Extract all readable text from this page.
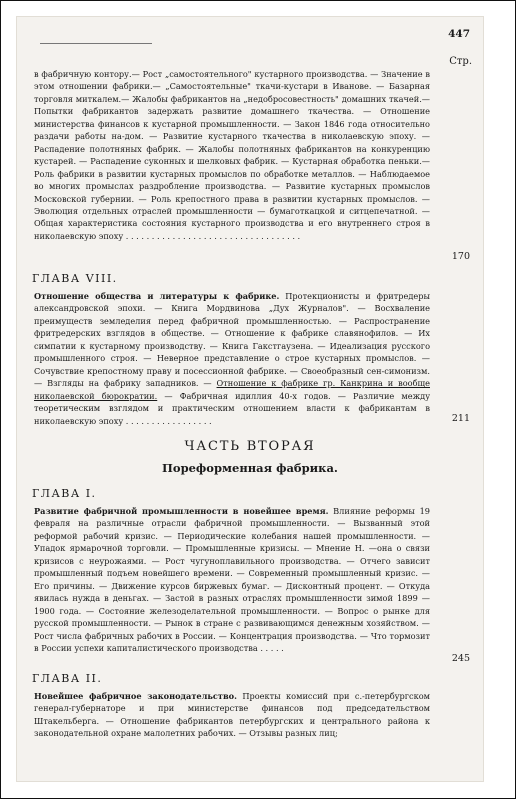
447
Стр.

в фабричную контору.— Рост „самостоятельного" кустарного производства. — Значение в этом отношении фабрики.— „Самостоятельные" ткачи-кустари в Иванове. — Базарная торговля миткалем.— Жалобы фабрикантов на „недобросовестность" домашних ткачей.—Попытки фабрикантов задержать развитие домашнего ткачества. — Отношение министерства финансов к кустарной промышленности. — Закон 1846 года относительно раздачи работы на-дом. — Развитие кустарного ткачества в николаевскую эпоху. — Распадение полотняных фабрик. — Жалобы полотняных фабрикантов на конкуренцию кустарей. — Распадение суконных и шелковых фабрик. — Кустарная обработка пеньки.— Роль фабрики в развитии кустарных промыслов по обработке металлов. — Наблюдаемое во многих промыслах раздробление производства. — Развитие кустарных промыслов Московской губернии. — Роль крепостного права в развитии кустарных промыслов. — Эволюция отдельных отраслей промышленности — бумаготкацкой и ситцепечатной. — Общая характеристика состояния кустарного производства и его внутреннего строя в николаевскую эпоху . . . . . . . . . . . . . . . . . . . . . . . . . . . . . . . . . .

170
ГЛАВА VIII.

Отношение общества и литературы к фабрике. Протекционисты и фритредеры александровской эпохи. — Книга Мордвинова „Дух Журналов". — Восхваление преимуществ земледелия перед фабричной промышленностью. — Распространение фритредерских взглядов в обществе. — Отношение к фабрике славянофилов. — Их симпатии к кустарному производству. — Книга Гакстгаузена. — Идеализация русского промышленного строя. — Неверное представление о строе кустарных промыслов. — Сочувствие крепостному праву и посессионной фабрике. — Своеобразный сен-симонизм. — Взгляды на фабрику западников. — Отношение к фабрике гр. Канкрина и вообще николаевской бюрократии. — Фабричная идиллия 40-х годов. — Различие между теоретическим взглядом и практическим отношением власти к фабрикантам в николаевскую эпоху . . . . . . . . . . . . . . . . .	211
ЧАСТЬ ВТОРАЯ
Пореформенная фабрика.
ГЛАВА I.

Развитие фабричной промышленности в новейшее время. Влияние реформы 19 февраля на различные отрасли фабричной промышленности. — Вызванный этой реформой рабочий кризис. — Периодические колебания нашей промышленности. — Упадок ярмарочной торговли. — Промышленные кризисы. — Мнение Н. —она о связи кризисов с неурожаями. — Рост чугуноплавильного производства. — Отчего зависит промышленный подъем новейшего времени. — Современный промышленный кризис. — Его причины. — Движение курсов биржевых бумаг. — Дисконтный процент. — Откуда явилась нужда в деньгах. — Застой в разных отраслях промышленности зимой 1899 — 1900 года. — Состояние железоделательной промышленности. — Вопрос о рынке для русской промышленности. — Рынок в стране с развивающимся денежным хозяйством. — Рост числа фабричных рабочих в России. — Концентрация производства. — Что тормозит в России успехи капиталистического производства . . . . .

245
ГЛАВА II.

Новейшее фабричное законодательство. Проекты комиссий при с.-петербургском генерал-губернаторе и при министерстве финансов под председательством Штакельберга. — Отношение фабрикантов петербургских и центрального района к законодательной охране малолетних рабочих. — Отзывы разных лиц;
